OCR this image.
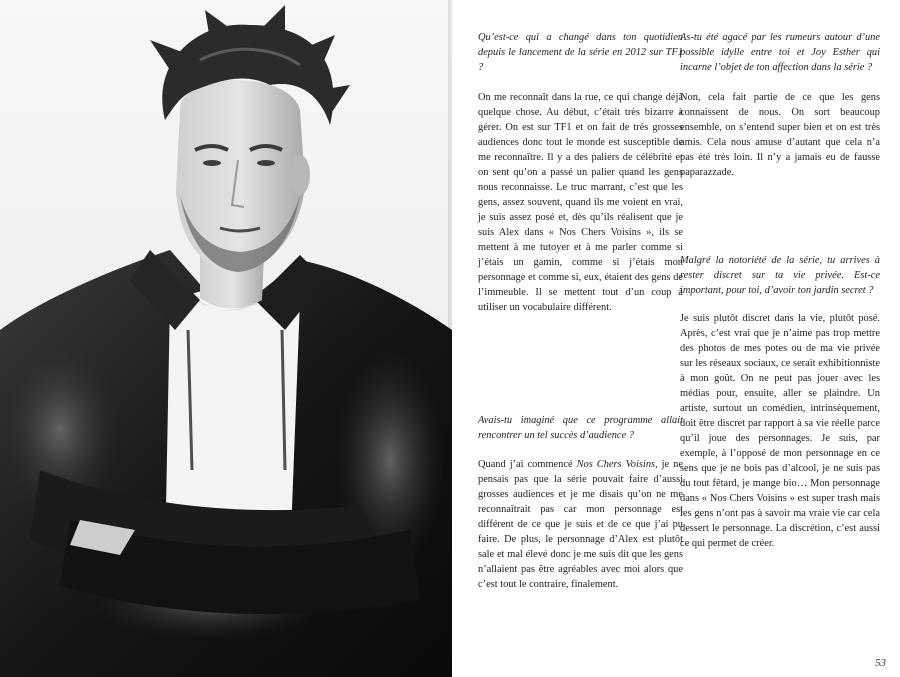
Qu’est-ce qui a changé dans ton quotidien depuis le lancement de la série en 2012 sur TF1 ?

On me reconnaît dans la rue, ce qui change déjà quelque chose. Au début, c’était très bizarre à gérer. On est sur TF1 et on fait de très grosses audiences donc tout le monde est susceptible de me reconnaître. Il y a des paliers de célébrité et on sent qu’on a passé un palier quand les gens nous reconnaisse. Le truc marrant, c’est que les gens, assez souvent, quand ils me voient en vrai, je suis assez posé et, dès qu’ils réalisent que je suis Alex dans « Nos Chers Voisins », ils se mettent à me tutoyer et à me parler comme si j’étais un gamin, comme si j’étais mon personnage et comme si, eux, étaient des gens de l’immeuble. Il se mettent tout d’un coup à utiliser un vocabulaire différent.

Avais-tu imaginé que ce programme allait rencontrer un tel succès d’audience ?

Quand j’ai commencé Nos Chers Voisins, je ne pensais pas que la série pouvait faire d’aussi grosses audiences et je me disais qu’on ne me reconnaîtrait pas car mon personnage est différent de ce que je suis et de ce que j’ai pu faire. De plus, le personnage d’Alex est plutôt sale et mal élevé donc je me suis dit que les gens n’allaient pas être agréables avec moi alors que c’est tout le contraire, finalement.

As-tu été agacé par les rumeurs autour d’une possible idylle entre toi et Joy Esther qui incarne l’objet de ton affection dans la série ?

Non, cela fait partie de ce que les gens connaissent de nous. On sort beaucoup ensemble, on s’entend super bien et on est très amis. Cela nous amuse d’autant que cela n’a pas été très loin. Il n’y a jamais eu de fausse paparazzade.

Malgré la notoriété de la série, tu arrives à rester discret sur ta vie privée. Est-ce important, pour toi, d’avoir ton jardin secret ?

Je suis plutôt discret dans la vie, plutôt posé. Après, c’est vrai que je n’aime pas trop mettre des photos de mes potes ou de ma vie privée sur les réseaux sociaux, ce serait exhibitionniste à mon goût. On ne peut pas jouer avec les médias pour, ensuite, aller se plaindre. Un artiste, surtout un comédien, intrinsèquement, doit être discret par rapport à sa vie réelle parce qu’il joue des personnages. Je suis, par exemple, à l’opposé de mon personnage en ce sens que je ne bois pas d’alcool, je ne suis pas du tout fêtard, je mange bio… Mon personnage dans « Nos Chers Voisins » est super trash mais les gens n’ont pas à savoir ma vraie vie car cela dessert le personnage. La discrétion, c’est aussi ce qui permet de créer.

53
